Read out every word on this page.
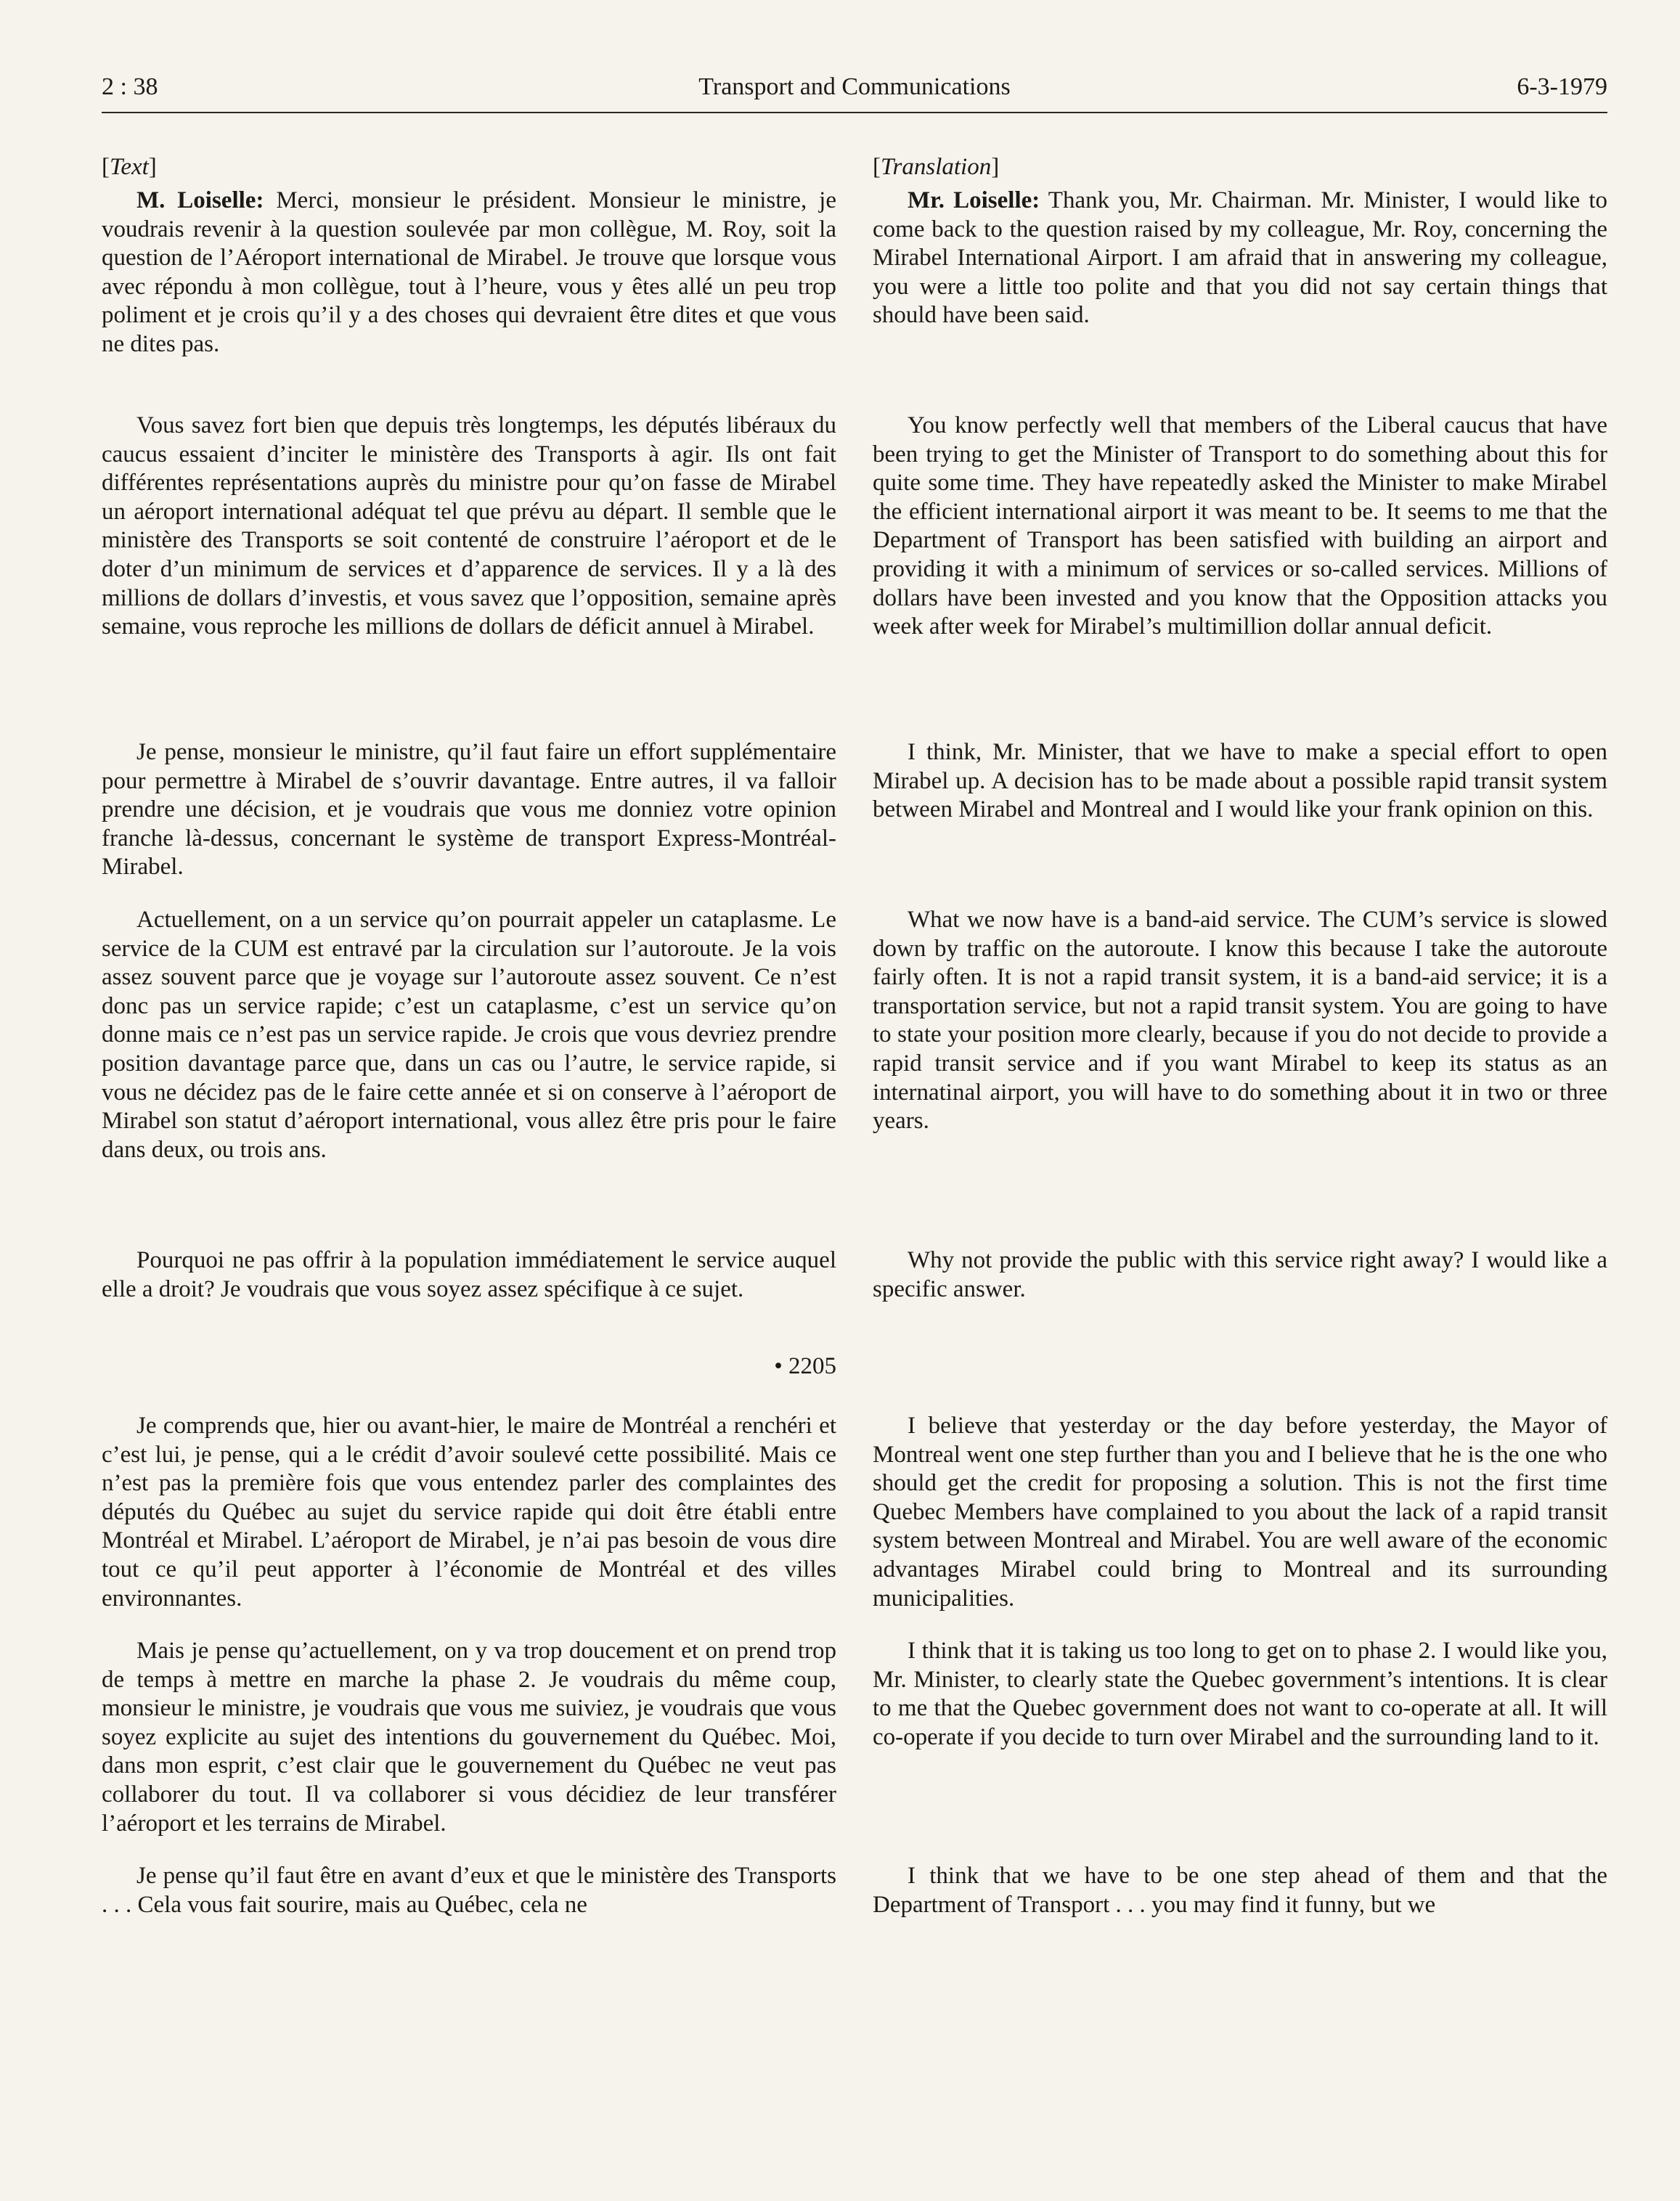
2 : 38	Transport and Communications	6-3-1979

[Text]

M. Loiselle: Merci, monsieur le président. Monsieur le ministre, je voudrais revenir à la question soulevée par mon collègue, M. Roy, soit la question de l’Aéroport international de Mirabel. Je trouve que lorsque vous avec répondu à mon collègue, tout à l’heure, vous y êtes allé un peu trop poliment et je crois qu’il y a des choses qui devraient être dites et que vous ne dites pas.

Vous savez fort bien que depuis très longtemps, les députés libéraux du caucus essaient d’inciter le ministère des Transports à agir. Ils ont fait différentes représentations auprès du ministre pour qu’on fasse de Mirabel un aéroport international adéquat tel que prévu au départ. Il semble que le ministère des Transports se soit contenté de construire l’aéroport et de le doter d’un minimum de services et d’apparence de services. Il y a là des millions de dollars d’investis, et vous savez que l’opposition, semaine après semaine, vous reproche les millions de dollars de déficit annuel à Mirabel.

Je pense, monsieur le ministre, qu’il faut faire un effort supplémentaire pour permettre à Mirabel de s’ouvrir davantage. Entre autres, il va falloir prendre une décision, et je voudrais que vous me donniez votre opinion franche là-dessus, concernant le système de transport Express-Montréal-Mirabel.

Actuellement, on a un service qu’on pourrait appeler un cataplasme. Le service de la CUM est entravé par la circulation sur l’autoroute. Je la vois assez souvent parce que je voyage sur l’autoroute assez souvent. Ce n’est donc pas un service rapide; c’est un cataplasme, c’est un service qu’on donne mais ce n’est pas un service rapide. Je crois que vous devriez prendre position davantage parce que, dans un cas ou l’autre, le service rapide, si vous ne décidez pas de le faire cette année et si on conserve à l’aéroport de Mirabel son statut d’aéroport international, vous allez être pris pour le faire dans deux, ou trois ans.

Pourquoi ne pas offrir à la population immédiatement le service auquel elle a droit? Je voudrais que vous soyez assez spécifique à ce sujet.

• 2205

Je comprends que, hier ou avant-hier, le maire de Montréal a renchéri et c’est lui, je pense, qui a le crédit d’avoir soulevé cette possibilité. Mais ce n’est pas la première fois que vous entendez parler des complaintes des députés du Québec au sujet du service rapide qui doit être établi entre Montréal et Mirabel. L’aéroport de Mirabel, je n’ai pas besoin de vous dire tout ce qu’il peut apporter à l’économie de Montréal et des villes environnantes.

Mais je pense qu’actuellement, on y va trop doucement et on prend trop de temps à mettre en marche la phase 2. Je voudrais du même coup, monsieur le ministre, je voudrais que vous me suiviez, je voudrais que vous soyez explicite au sujet des intentions du gouvernement du Québec. Moi, dans mon esprit, c’est clair que le gouvernement du Québec ne veut pas collaborer du tout. Il va collaborer si vous décidiez de leur transférer l’aéroport et les terrains de Mirabel.

Je pense qu’il faut être en avant d’eux et que le ministère des Transports . . . Cela vous fait sourire, mais au Québec, cela ne

[Translation]

Mr. Loiselle: Thank you, Mr. Chairman. Mr. Minister, I would like to come back to the question raised by my colleague, Mr. Roy, concerning the Mirabel International Airport. I am afraid that in answering my colleague, you were a little too polite and that you did not say certain things that should have been said.

You know perfectly well that members of the Liberal caucus that have been trying to get the Minister of Transport to do something about this for quite some time. They have repeatedly asked the Minister to make Mirabel the efficient international airport it was meant to be. It seems to me that the Department of Transport has been satisfied with building an airport and providing it with a minimum of services or so-called services. Millions of dollars have been invested and you know that the Opposition attacks you week after week for Mirabel’s multimillion dollar annual deficit.

I think, Mr. Minister, that we have to make a special effort to open Mirabel up. A decision has to be made about a possible rapid transit system between Mirabel and Montreal and I would like your frank opinion on this.

What we now have is a band-aid service. The CUM’s service is slowed down by traffic on the autoroute. I know this because I take the autoroute fairly often. It is not a rapid transit system, it is a band-aid service; it is a transportation service, but not a rapid transit system. You are going to have to state your position more clearly, because if you do not decide to provide a rapid transit service and if you want Mirabel to keep its status as an internatinal airport, you will have to do something about it in two or three years.

Why not provide the public with this service right away? I would like a specific answer.

I believe that yesterday or the day before yesterday, the Mayor of Montreal went one step further than you and I believe that he is the one who should get the credit for proposing a solution. This is not the first time Quebec Members have complained to you about the lack of a rapid transit system between Montreal and Mirabel. You are well aware of the economic advantages Mirabel could bring to Montreal and its surrounding municipalities.

I think that it is taking us too long to get on to phase 2. I would like you, Mr. Minister, to clearly state the Quebec government’s intentions. It is clear to me that the Quebec government does not want to co-operate at all. It will co-operate if you decide to turn over Mirabel and the surrounding land to it.

I think that we have to be one step ahead of them and that the Department of Transport . . . you may find it funny, but we
